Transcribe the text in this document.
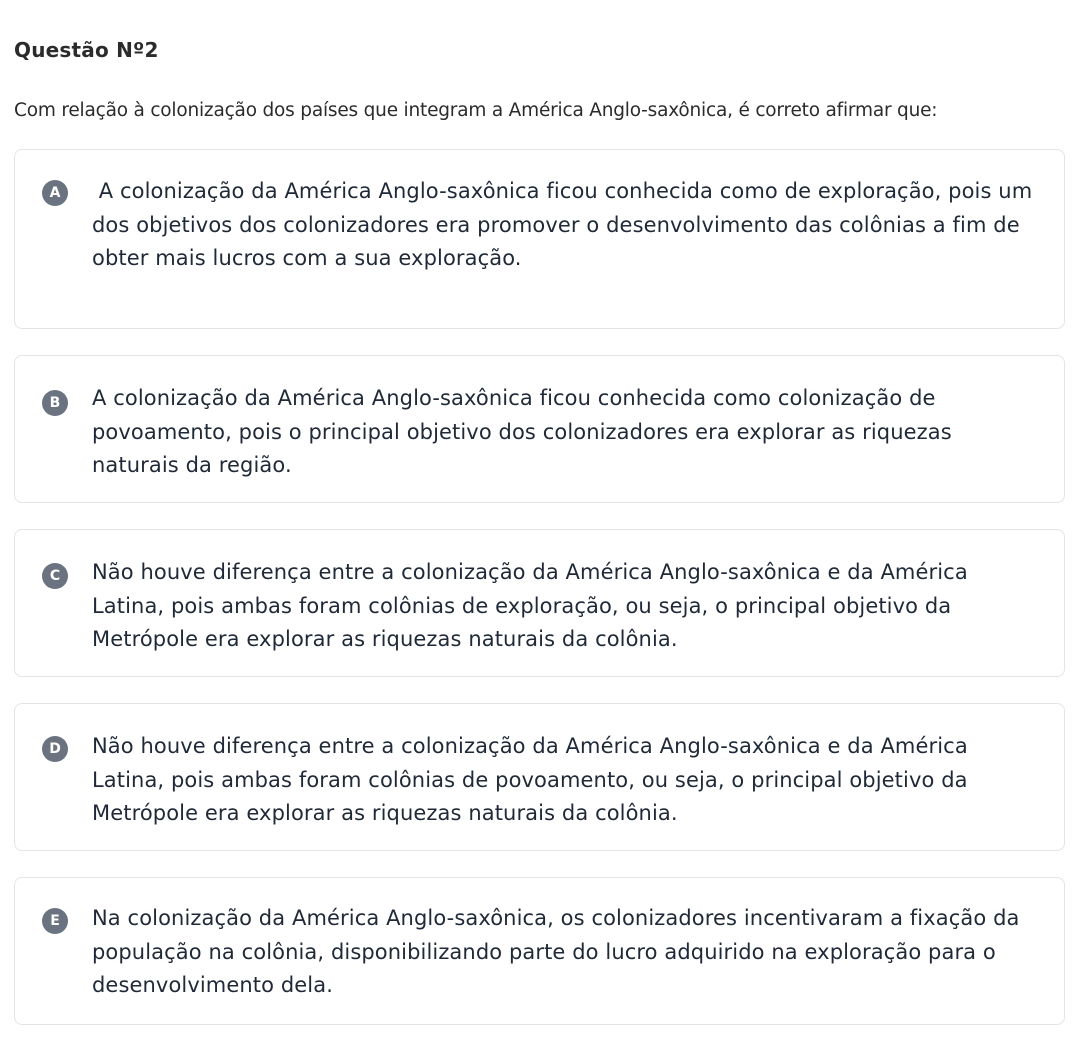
Questão Nº2
Com relação à colonização dos países que integram a América Anglo-saxônica, é correto afirmar que:
A	A colonização da América Anglo-saxônica ficou conhecida como de exploração, pois um dos objetivos dos colonizadores era promover o desenvolvimento das colônias a fim de obter mais lucros com a sua exploração.
B	A colonização da América Anglo-saxônica ficou conhecida como colonização de povoamento, pois o principal objetivo dos colonizadores era explorar as riquezas naturais da região.
C	Não houve diferença entre a colonização da América Anglo-saxônica e da América Latina, pois ambas foram colônias de exploração, ou seja, o principal objetivo da Metrópole era explorar as riquezas naturais da colônia.
D	Não houve diferença entre a colonização da América Anglo-saxônica e da América Latina, pois ambas foram colônias de povoamento, ou seja, o principal objetivo da Metrópole era explorar as riquezas naturais da colônia.
E	Na colonização da América Anglo-saxônica, os colonizadores incentivaram a fixação da população na colônia, disponibilizando parte do lucro adquirido na exploração para o desenvolvimento dela.
